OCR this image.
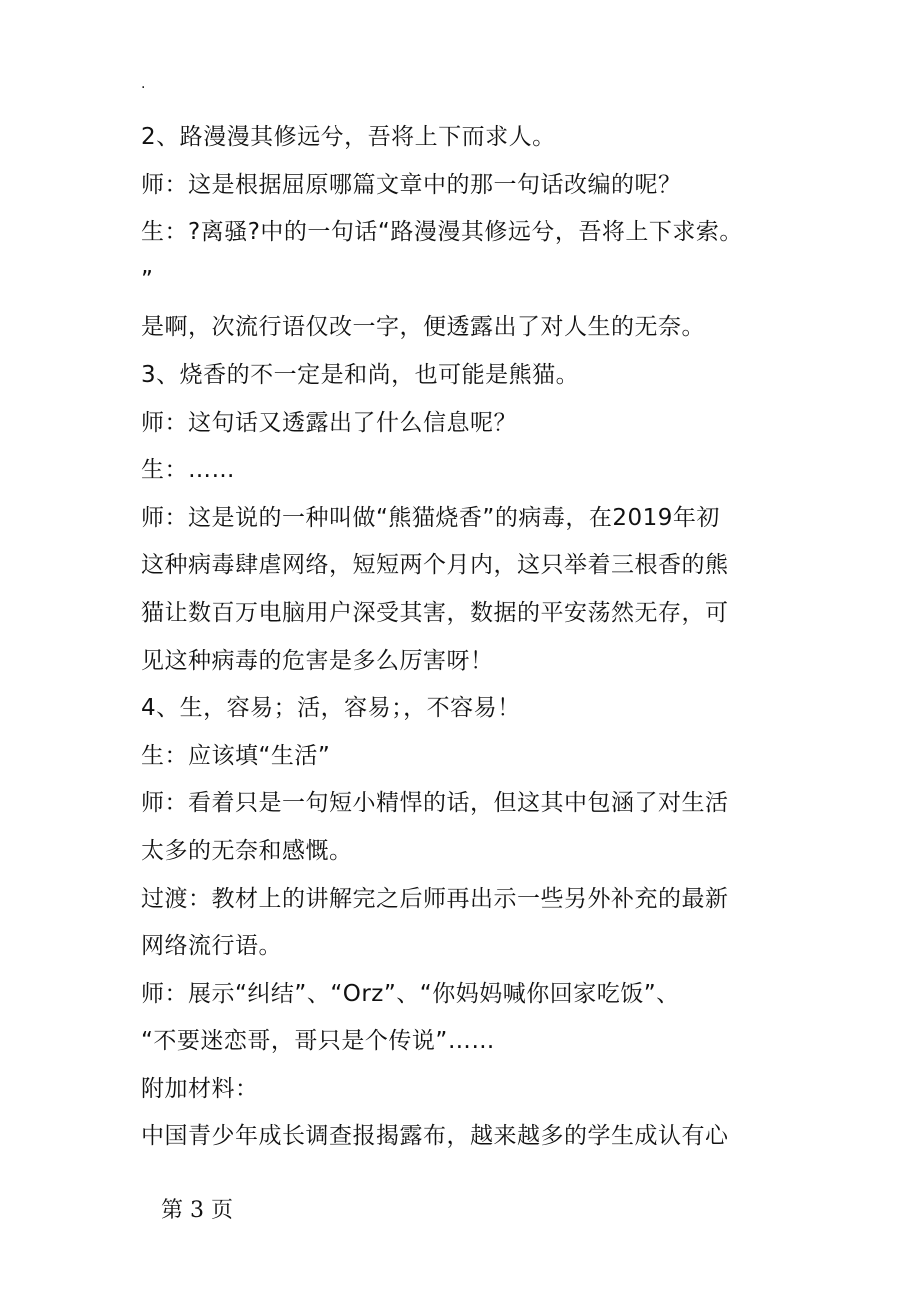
.
2、路漫漫其修远兮，吾将上下而求人。
师：这是根据屈原哪篇文章中的那一句话改编的呢？
生：?离骚?中的一句话“路漫漫其修远兮，吾将上下求索。
”
是啊，次流行语仅改一字，便透露出了对人生的无奈。
3、烧香的不一定是和尚，也可能是熊猫。
师：这句话又透露出了什么信息呢？
生：……
师：这是说的一种叫做“熊猫烧香”的病毒，在2019年初
这种病毒肆虐网络，短短两个月内，这只举着三根香的熊
猫让数百万电脑用户深受其害，数据的平安荡然无存，可
见这种病毒的危害是多么厉害呀！
4、生，容易；活，容易；，不容易！
生：应该填“生活”
师：看着只是一句短小精悍的话，但这其中包涵了对生活
太多的无奈和感慨。
过渡：教材上的讲解完之后师再出示一些另外补充的最新
网络流行语。
师：展示“纠结”、“Orz”、“你妈妈喊你回家吃饭”、
“不要迷恋哥，哥只是个传说”……
附加材料：
中国青少年成长调查报揭露布，越来越多的学生成认有心
第 3 页
